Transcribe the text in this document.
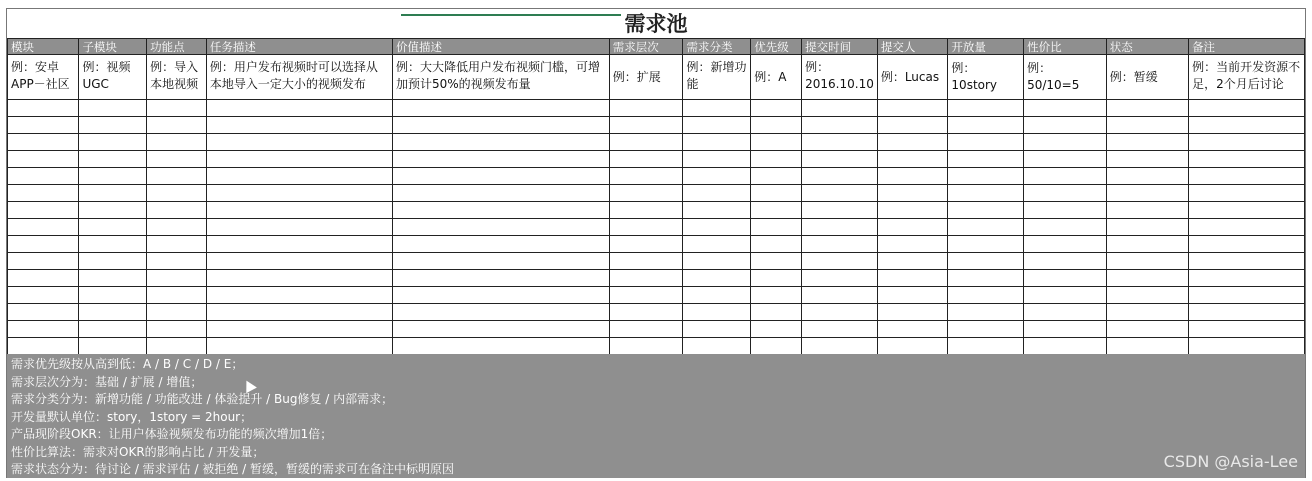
需求池
模块	子模块	功能点	任务描述	价值描述	需求层次	需求分类	优先级	提交时间	提交人	开放量	性价比	状态	备注
例：安卓APP－社区	例：视频UGC	例：导入本地视频	例：用户发布视频时可以选择从本地导入一定大小的视频发布	例：大大降低用户发布视频门槛，可增加预计50%的视频发布量	例：扩展	例：新增功能	例：A	例：2016.10.10	例：Lucas	例：10story	例：50/10=5	例：暂缓	例：当前开发资源不足，2个月后讨论

需求优先级按从高到低：A / B / C / D / E；
需求层次分为：基础 / 扩展 / 增值；
需求分类分为：新增功能 / 功能改进 / 体验提升 / Bug修复 / 内部需求；
开发量默认单位：story，1story = 2hour；
产品现阶段OKR：让用户体验视频发布功能的频次增加1倍；
性价比算法：需求对OKR的影响占比 / 开发量；
需求状态分为：待讨论 / 需求评估 / 被拒绝 / 暂缓，暂缓的需求可在备注中标明原因	CSDN @Asia-Lee
